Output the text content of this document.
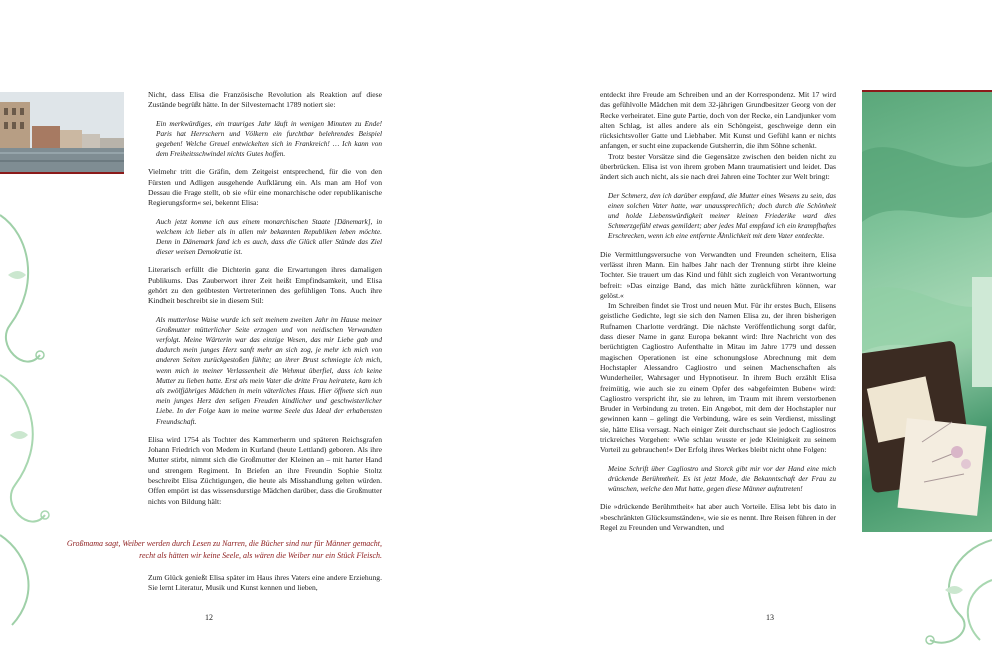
Nicht, dass Elisa die Französische Revolution als Reaktion auf diese Zustände begrüßt hätte. In der Silvesternacht 1789 notiert sie:

Ein merkwürdiges, ein trauriges Jahr läuft in wenigen Minuten zu Ende! Paris hat Herrschern und Völkern ein furchtbar belehrendes Beispiel gegeben! Welche Greuel entwickelten sich in Frankreich! … Ich kann von dem Freiheitsschwindel nichts Gutes hoffen.

Vielmehr tritt die Gräfin, dem Zeitgeist entsprechend, für die von den Fürsten und Adligen ausgehende Aufklärung ein. Als man am Hof von Dessau die Frage stellt, ob sie »für eine monarchische oder republikanische Regierungsform« sei, bekennt Elisa:

Auch jetzt komme ich aus einem monarchischen Staate [Dänemark], in welchem ich lieber als in allen mir bekannten Republiken leben möchte. Denn in Dänemark fand ich es auch, dass die Glück aller Stände das Ziel dieser weisen Demokratie ist.

Literarisch erfüllt die Dichterin ganz die Erwartungen ihres damaligen Publikums. Das Zauberwort ihrer Zeit heißt Empfindsamkeit, und Elisa gehört zu den geübtesten Vertreterinnen des gefühligen Tons. Auch ihre Kindheit beschreibt sie in diesem Stil:

Als mutterlose Waise wurde ich seit meinem zweiten Jahr im Hause meiner Großmutter mütterlicher Seite erzogen und von neidischen Verwandten verfolgt. Meine Wärterin war das einzige Wesen, das mir Liebe gab und dadurch mein junges Herz sanft mehr an sich zog, je mehr ich mich von anderen Seiten zurückgestoßen fühlte; an ihrer Brust schmiegte ich mich, wenn mich in meiner Verlassenheit die Wehmut überfiel, dass ich keine Mutter zu lieben hatte. Erst als mein Vater die dritte Frau heiratete, kam ich als zwölfjähriges Mädchen in mein väterliches Haus. Hier öffnete sich nun mein junges Herz den seligen Freuden kindlicher und geschwisterlicher Liebe. In der Folge kam in meine warme Seele das Ideal der erhabensten Freundschaft.

Elisa wird 1754 als Tochter des Kammerherrn und späteren Reichsgrafen Johann Friedrich von Medem in Kurland (heute Lettland) geboren. Als ihre Mutter stirbt, nimmt sich die Großmutter der Kleinen an – mit harter Hand und strengem Regiment. In Briefen an ihre Freundin Sophie Stoltz beschreibt Elisa Züchtigungen, die heute als Misshandlung gelten würden. Offen empört ist das wissensdurstige Mädchen darüber, dass die Großmutter nichts von Bildung hält:

Großmama sagt, Weiber werden durch Lesen zu Narren, die Bücher sind nur für Männer gemacht, recht als hätten wir keine Seele, als wären die Weiber nur ein Stück Fleisch.

Zum Glück genießt Elisa später im Haus ihres Vaters eine andere Erziehung. Sie lernt Literatur, Musik und Kunst kennen und lieben,

12

entdeckt ihre Freude am Schreiben und an der Korrespondenz. Mit 17 wird das gefühlvolle Mädchen mit dem 32-jährigen Grundbesitzer Georg von der Recke verheiratet. Eine gute Partie, doch von der Recke, ein Landjunker vom alten Schlag, ist alles andere als ein Schöngeist, geschweige denn ein rücksichtsvoller Gatte und Liebhaber. Mit Kunst und Gefühl kann er nichts anfangen, er sucht eine zupackende Gutsherrin, die ihm Söhne schenkt.

Trotz bester Vorsätze sind die Gegensätze zwischen den beiden nicht zu überbrücken. Elisa ist von ihrem groben Mann traumatisiert und leidet. Das ändert sich auch nicht, als sie nach drei Jahren eine Tochter zur Welt bringt:

Der Schmerz, den ich darüber empfand, die Mutter eines Wesens zu sein, das einen solchen Vater hatte, war unaussprechlich; doch durch die Schönheit und holde Liebenswürdigkeit meiner kleinen Friederike ward dies Schmerzgefühl etwas gemildert; aber jedes Mal empfand ich ein krampfhaftes Erschrecken, wenn ich eine entfernte Ähnlichkeit mit dem Vater entdeckte.

Die Vermittlungsversuche von Verwandten und Freunden scheitern, Elisa verlässt ihren Mann. Ein halbes Jahr nach der Trennung stirbt ihre kleine Tochter. Sie trauert um das Kind und fühlt sich zugleich von Verantwortung befreit: »Das einzige Band, das mich hätte zurückführen können, war gelöst.«

Im Schreiben findet sie Trost und neuen Mut. Für ihr erstes Buch, Elisens geistliche Gedichte, legt sie sich den Namen Elisa zu, der ihren bisherigen Rufnamen Charlotte verdrängt. Die nächste Veröffentlichung sorgt dafür, dass dieser Name in ganz Europa bekannt wird: Ihre Nachricht von des berüchtigten Cagliostro Aufenthalte in Mitau im Jahre 1779 und dessen magischen Operationen ist eine schonungslose Abrechnung mit dem Hochstapler Alessandro Cagliostro und seinen Machenschaften als Wunderheiler, Wahrsager und Hypnotiseur. In ihrem Buch erzählt Elisa freimütig, wie auch sie zu einem Opfer des »abgefeimten Buben« wird: Cagliostro verspricht ihr, sie zu lehren, im Traum mit ihrem verstorbenen Bruder in Verbindung zu treten. Ein Angebot, mit dem der Hochstapler nur gewinnen kann – gelingt die Verbindung, wäre es sein Verdienst, misslingt sie, hätte Elisa versagt. Nach einiger Zeit durchschaut sie jedoch Cagliostros trickreiches Vorgehen: »Wie schlau wusste er jede Kleinigkeit zu seinem Vorteil zu gebrauchen!« Der Erfolg ihres Werkes bleibt nicht ohne Folgen:

Meine Schrift über Cagliostro und Storck gibt mir vor der Hand eine mich drückende Berühmtheit. Es ist jetzt Mode, die Bekanntschaft der Frau zu wünschen, welche den Mut hatte, gegen diese Männer aufzutreten!

Die »drückende Berühmtheit« hat aber auch Vorteile. Elisa lebt bis dato in »beschränkten Glücksumständen«, wie sie es nennt. Ihre Reisen führen in der Regel zu Freunden und Verwandten, und

13
